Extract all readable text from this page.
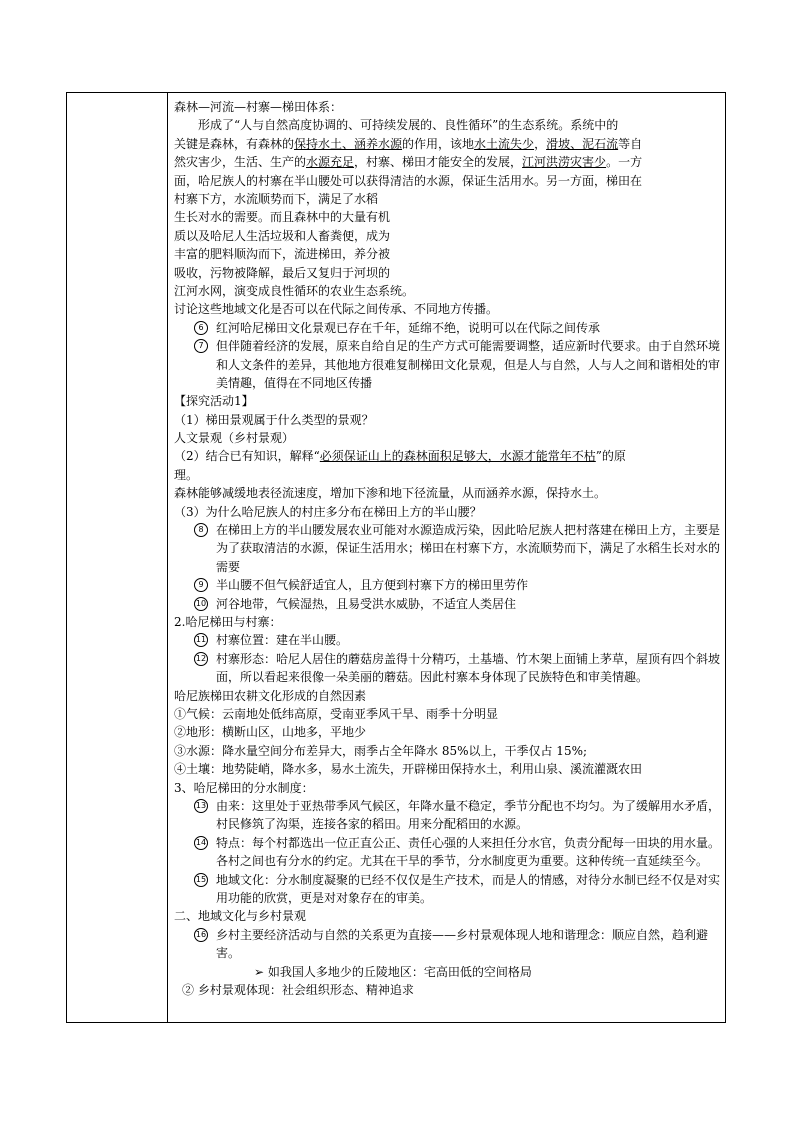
森林—河流—村寨—梯田体系：
形成了“人与自然高度协调的、可持续发展的、良性循环”的生态系统。系统中的
关键是森林，有森林的保持水土、涵养水源的作用，该地水土流失少，滑坡、泥石流等自
然灾害少，生活、生产的水源充足，村寨、梯田才能安全的发展，江河洪涝灾害少。一方
面，哈尼族人的村寨在半山腰处可以获得清洁的水源，保证生活用水。另一方面，梯田在
村寨下方，水流顺势而下，满足了水稻
生长对水的需要。而且森林中的大量有机
质以及哈尼人生活垃圾和人畜粪便，成为
丰富的肥料顺沟而下，流进梯田，养分被
吸收，污物被降解，最后又复归于河坝的
江河水网，演变成良性循环的农业生态系统。
讨论这些地域文化是否可以在代际之间传承、不同地方传播。
6	红河哈尼梯田文化景观已存在千年，延绵不绝，说明可以在代际之间传承
7	但伴随着经济的发展，原来自给自足的生产方式可能需要调整，适应新时代要求。由于自然环境和人文条件的差异，其他地方很难复制梯田文化景观，但是人与自然，人与人之间和谐相处的审美情趣，值得在不同地区传播
【探究活动1】
（1）梯田景观属于什么类型的景观？
人文景观（乡村景观）
（2）结合已有知识，解释“必须保证山上的森林面积足够大，水源才能常年不枯”的原
理。
森林能够减缓地表径流速度，增加下渗和地下径流量，从而涵养水源，保持水土。
（3）为什么哈尼族人的村庄多分布在梯田上方的半山腰？
8	在梯田上方的半山腰发展农业可能对水源造成污染，因此哈尼族人把村落建在梯田上方，主要是为了获取清洁的水源，保证生活用水；梯田在村寨下方，水流顺势而下，满足了水稻生长对水的需要
9	半山腰不但气候舒适宜人，且方便到村寨下方的梯田里劳作
10 河谷地带，气候湿热，且易受洪水威胁，不适宜人类居住
2.哈尼梯田与村寨：
11 村寨位置：建在半山腰。
12 村寨形态：哈尼人居住的蘑菇房盖得十分精巧，土基墙、竹木架上面铺上茅草，屋顶有四个斜坡面，所以看起来很像一朵美丽的蘑菇。因此村寨本身体现了民族特色和审美情趣。
哈尼族梯田农耕文化形成的自然因素
①气候：云南地处低纬高原，受南亚季风干旱、雨季十分明显
②地形：横断山区，山地多，平地少
③水源：降水量空间分布差异大，雨季占全年降水 85%以上，干季仅占 15%;
④土壤：地势陡峭，降水多，易水土流失，开辟梯田保持水土，利用山泉、溪流灌溉农田
3、哈尼梯田的分水制度：
13 由来：这里处于亚热带季风气候区，年降水量不稳定，季节分配也不均匀。为了缓解用水矛盾，村民修筑了沟渠，连接各家的稻田。用来分配稻田的水源。
14 特点：每个村都选出一位正直公正、责任心强的人来担任分水官，负责分配每一田块的用水量。各村之间也有分水的约定。尤其在干旱的季节，分水制度更为重要。这种传统一直延续至今。
15 地域文化：分水制度凝聚的已经不仅仅是生产技术，而是人的情感，对待分水制已经不仅是对实用功能的欣赏，更是对对象存在的审美。
二、地域文化与乡村景观
16 乡村主要经济活动与自然的关系更为直接——乡村景观体现人地和谐理念：顺应自然，趋利避害。
➢ 如我国人多地少的丘陵地区：宅高田低的空间格局
② 乡村景观体现：社会组织形态、精神追求
